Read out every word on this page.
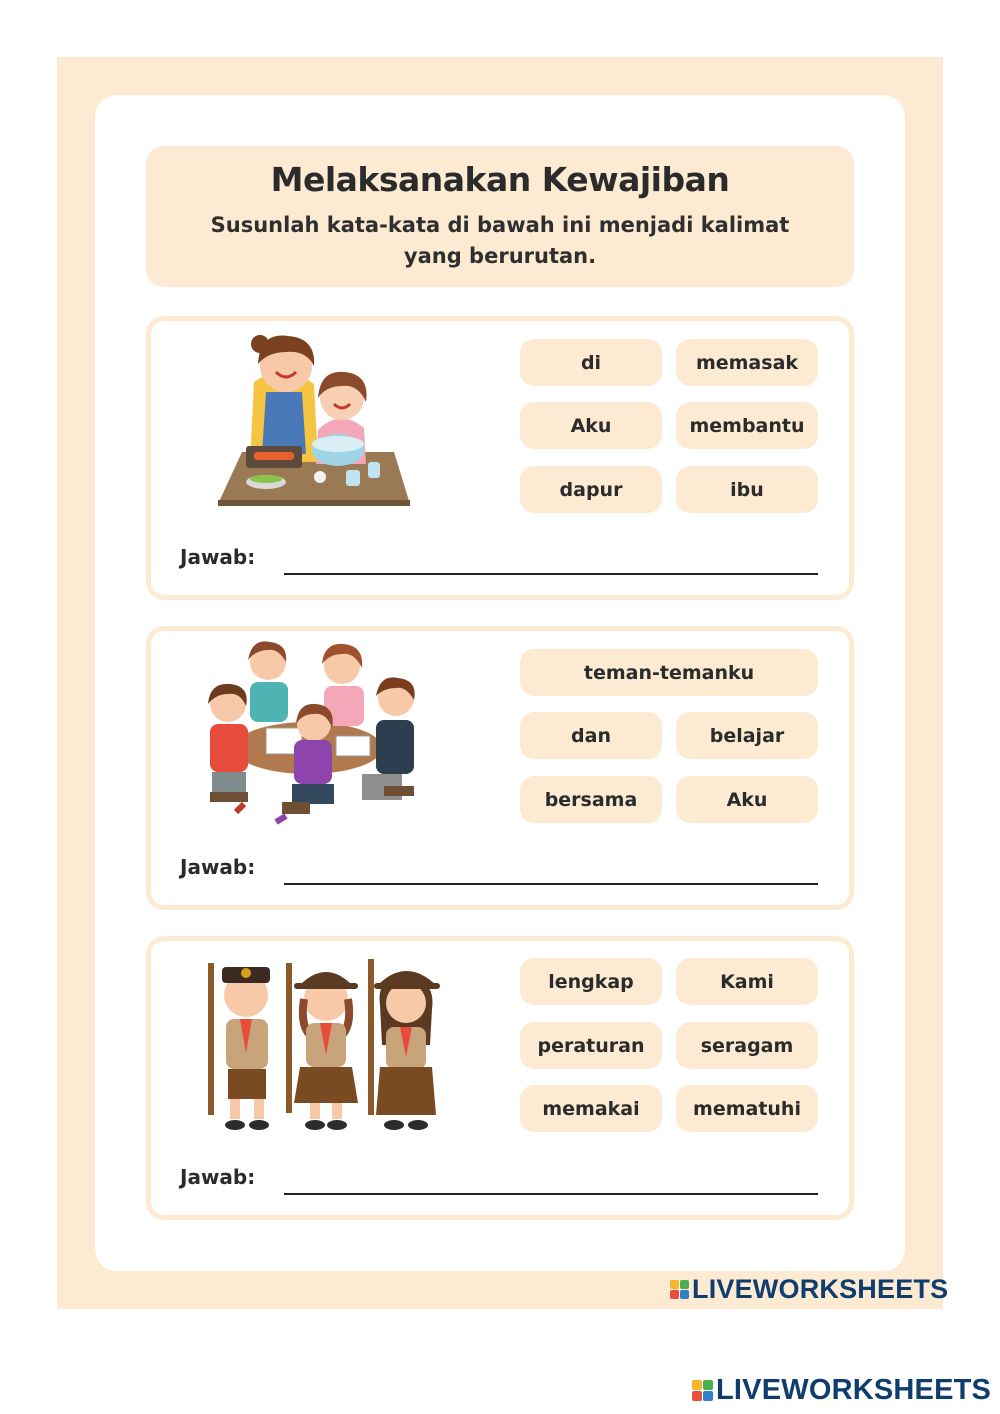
Melaksanakan Kewajiban
Susunlah kata-kata di bawah ini menjadi kalimat yang berurutan.
di	memasak
Aku	membantu
dapur	ibu
Jawab:
teman-temanku
dan	belajar
bersama	Aku
Jawab:
lengkap	Kami
peraturan	seragam
memakai	mematuhi
Jawab:
LIVEWORKSHEETS
LIVEWORKSHEETS
